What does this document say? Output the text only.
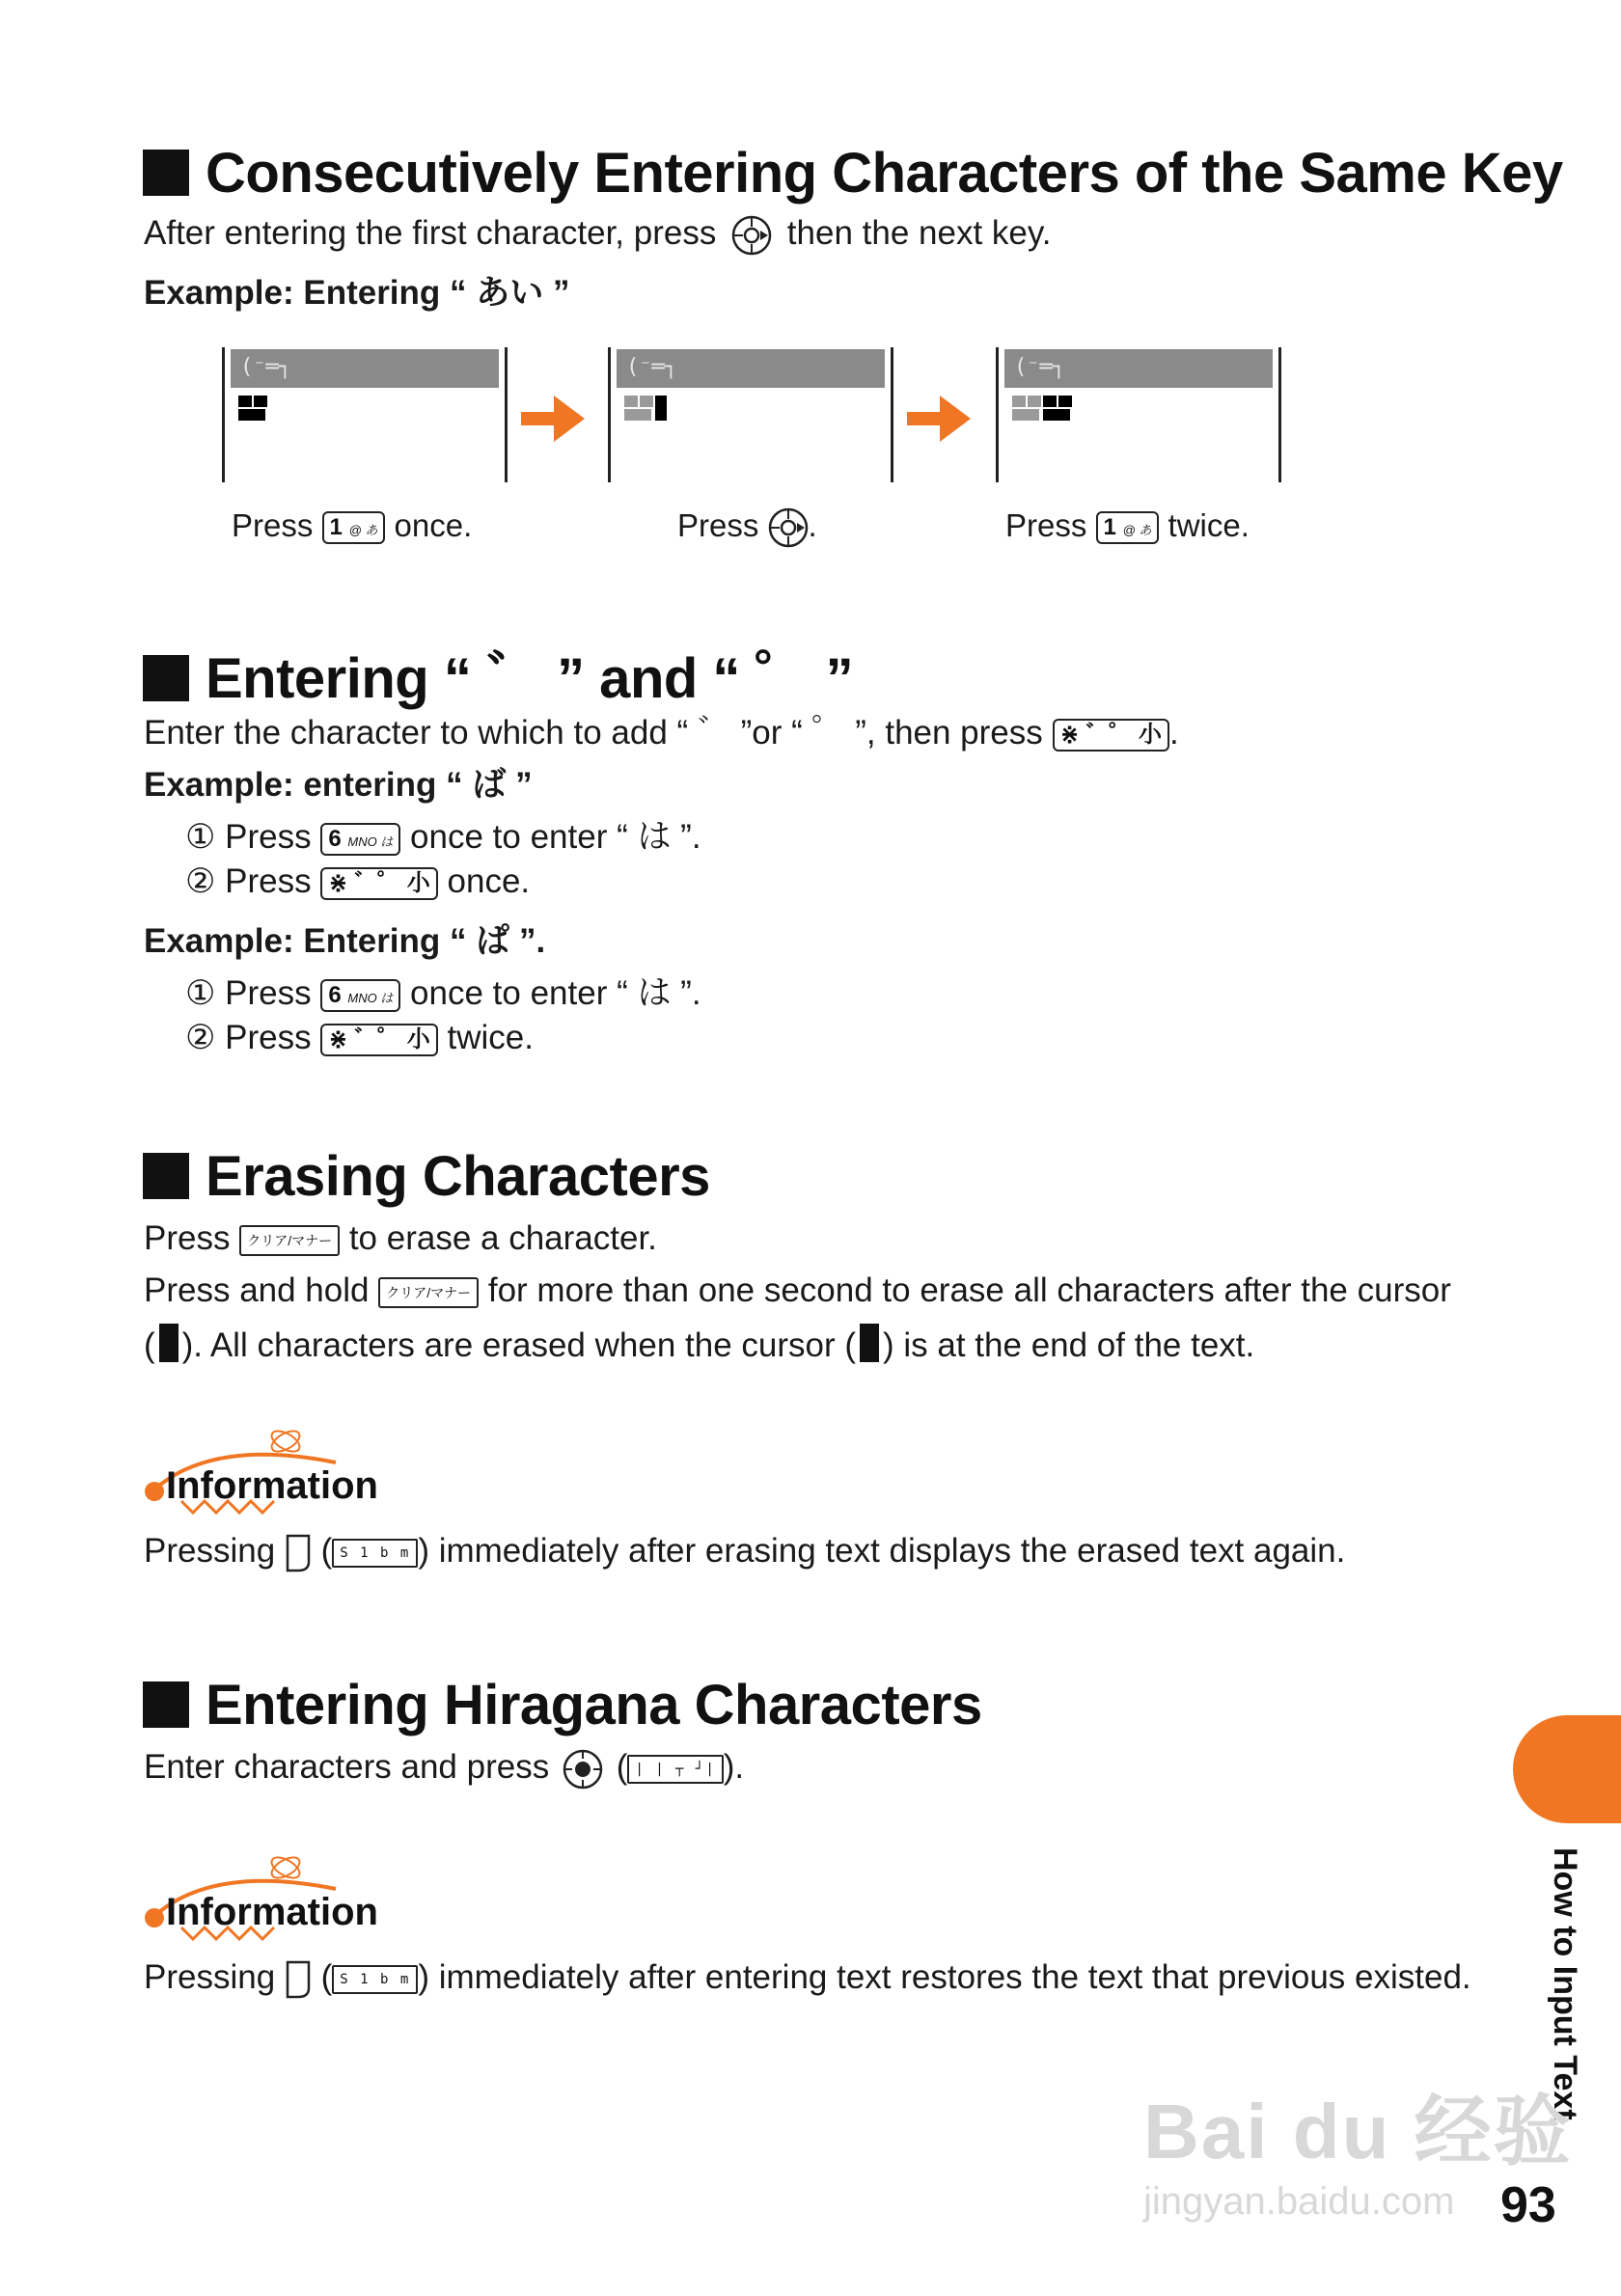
Consecutively Entering Characters of the Same Key
After entering the first character, press then the next key.
Example: Entering “ あい ”
(⁻═┐	(⁻═┐	(⁻═┐
Press 1 @ あ once.	Press .	Press 1 @ あ twice.
Entering “ ゛ ” and “ ゜ ”
Enter the character to which to add “ ゛ ”or “ ゜ ”, then press ⋇ ゛゜ 小 .
Example: entering “ ば ”
① Press 6 MNO は once to enter “ は ”.
② Press ⋇ ゛゜ 小 once.
Example: Entering “ ぱ ”.
① Press 6 MNO は once to enter “ は ”.
② Press ⋇ ゛゜ 小 twice.
Erasing Characters
Press クリア/マナー to erase a character.
Press and hold クリア/マナー for more than one second to erase all characters after the cursor
( ). All characters are erased when the cursor ( ) is at the end of the text.
Information
Pressing ( S 1 b m ) immediately after erasing text displays the erased text again.
Entering Hiragana Characters
Enter characters and press ( | | ┬ ┘| ).
Information
Pressing ( S 1 b m ) immediately after entering text restores the text that previous existed. How to Input Text
Bai du 经验
jingyan.baidu.com 93
